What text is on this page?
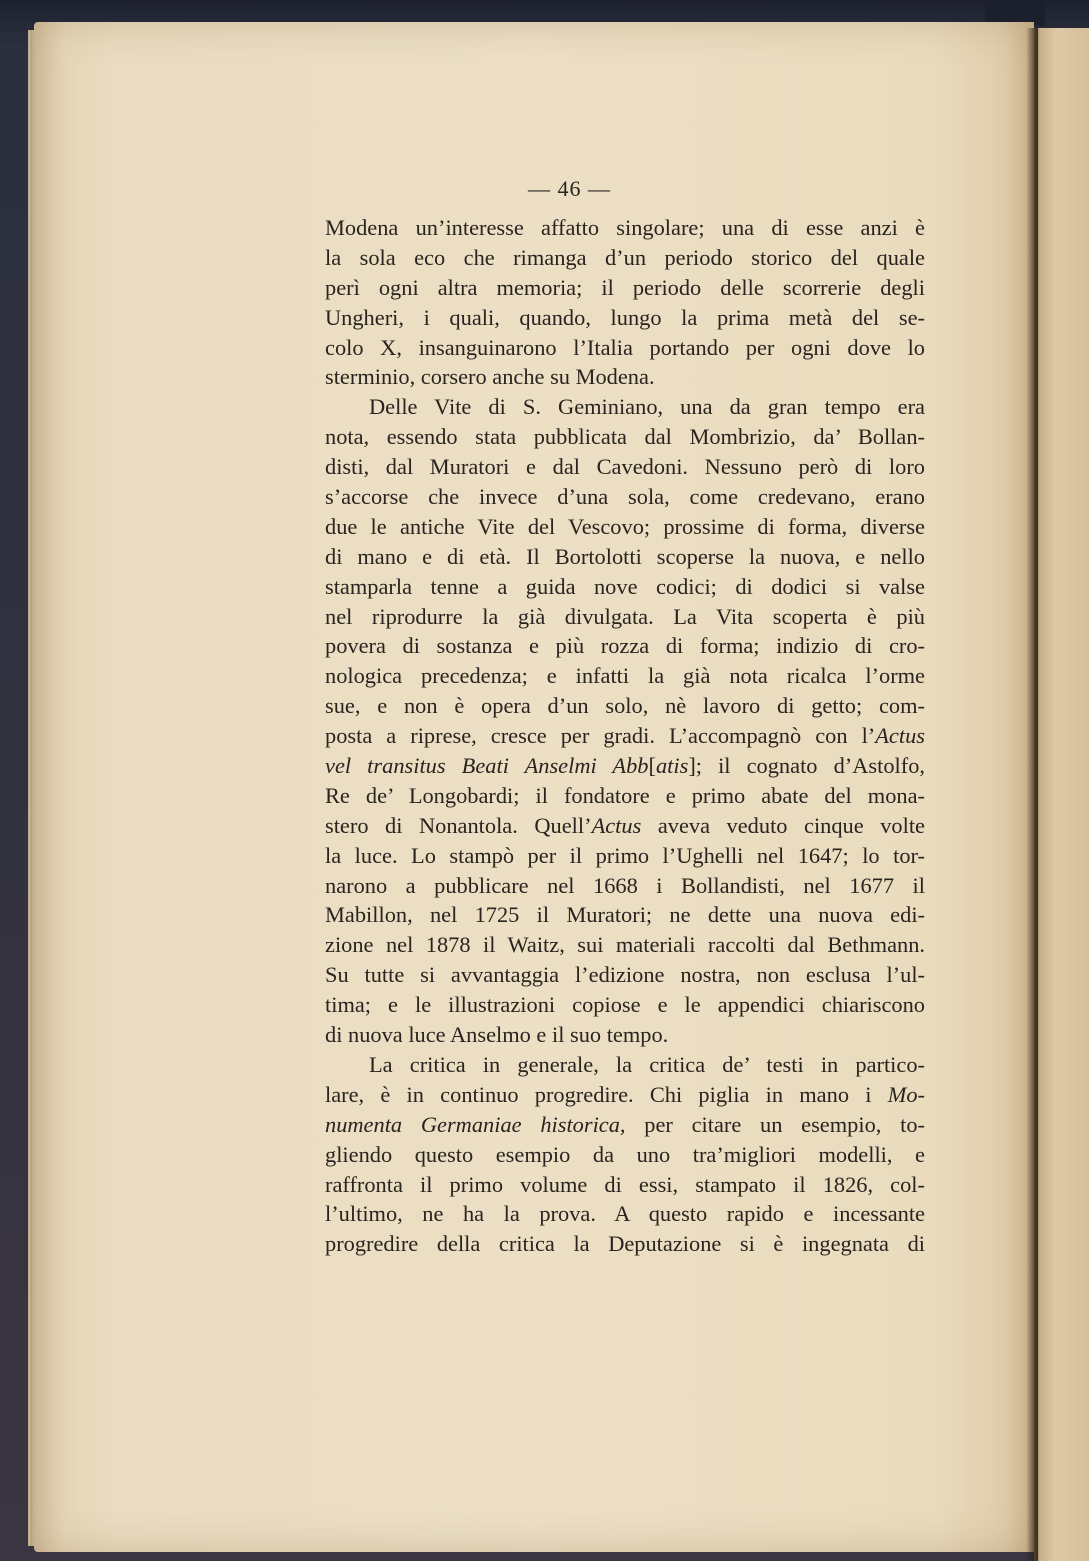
— 46 —
Modena un’interesse affatto singolare; una di esse anzi è
la sola eco che rimanga d’un periodo storico del quale
perì ogni altra memoria; il periodo delle scorrerie degli
Ungheri, i quali, quando, lungo la prima metà del se-
colo X, insanguinarono l’Italia portando per ogni dove lo
sterminio, corsero anche su Modena.
Delle Vite di S. Geminiano, una da gran tempo era
nota, essendo stata pubblicata dal Mombrizio, da’ Bollan-
disti, dal Muratori e dal Cavedoni. Nessuno però di loro
s’accorse che invece d’una sola, come credevano, erano
due le antiche Vite del Vescovo; prossime di forma, diverse
di mano e di età. Il Bortolotti scoperse la nuova, e nello
stamparla tenne a guida nove codici; di dodici si valse
nel riprodurre la già divulgata. La Vita scoperta è più
povera di sostanza e più rozza di forma; indizio di cro-
nologica precedenza; e infatti la già nota ricalca l’orme
sue, e non è opera d’un solo, nè lavoro di getto; com-
posta a riprese, cresce per gradi. L’accompagnò con l’Actus
vel transitus Beati Anselmi Abb[atis]; il cognato d’Astolfo,
Re de’ Longobardi; il fondatore e primo abate del mona-
stero di Nonantola. Quell’Actus aveva veduto cinque volte
la luce. Lo stampò per il primo l’Ughelli nel 1647; lo tor-
narono a pubblicare nel 1668 i Bollandisti, nel 1677 il
Mabillon, nel 1725 il Muratori; ne dette una nuova edi-
zione nel 1878 il Waitz, sui materiali raccolti dal Bethmann.
Su tutte si avvantaggia l’edizione nostra, non esclusa l’ul-
tima; e le illustrazioni copiose e le appendici chiariscono
di nuova luce Anselmo e il suo tempo.
La critica in generale, la critica de’ testi in partico-
lare, è in continuo progredire. Chi piglia in mano i Mo-
numenta Germaniae historica, per citare un esempio, to-
gliendo questo esempio da uno tra’migliori modelli, e
raffronta il primo volume di essi, stampato il 1826, col-
l’ultimo, ne ha la prova. A questo rapido e incessante
progredire della critica la Deputazione si è ingegnata di
